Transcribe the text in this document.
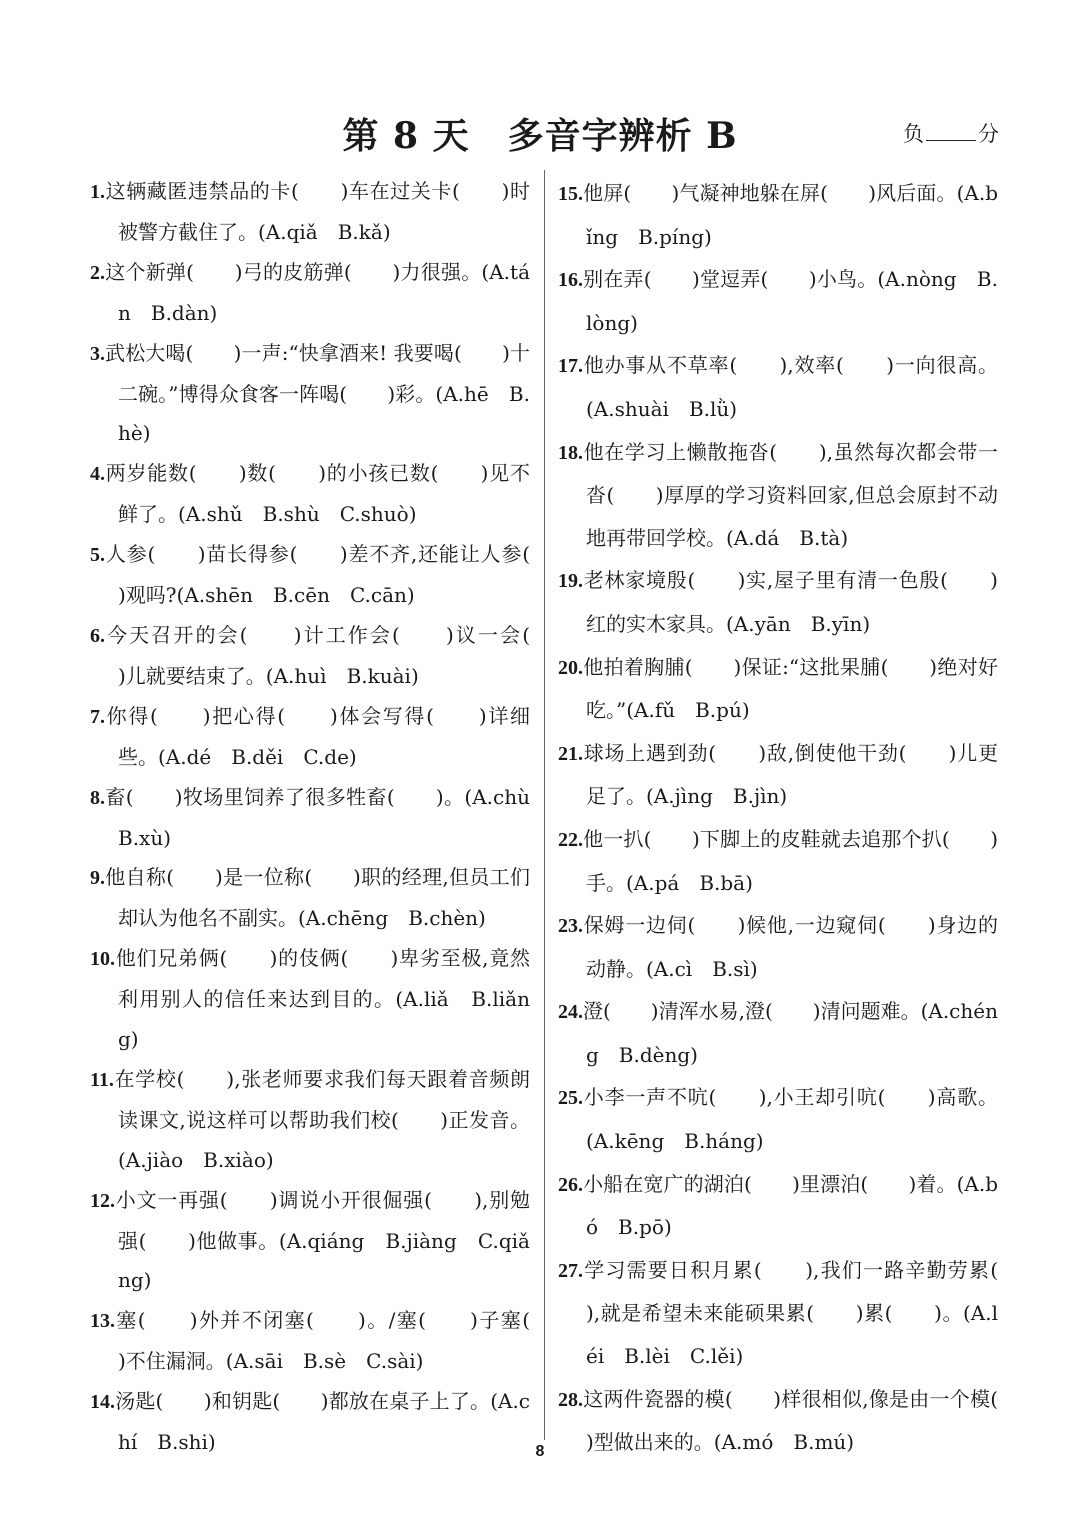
第 8 天 多音字辨析 B	负	分
1.这辆藏匿违禁品的卡(　　)车在过关卡(　　)时被警方截住了。(A.qiǎ　B.kǎ)
2.这个新弹(　　)弓的皮筋弹(　　)力很强。(A.tán　B.dàn)
3.武松大喝(　　)一声:“快拿酒来! 我要喝(　　)十二碗。”博得众食客一阵喝(　　)彩。(A.hē　B.hè)
4.两岁能数(　　)数(　　)的小孩已数(　　)见不鲜了。(A.shǔ　B.shù　C.shuò)
5.人参(　　)苗长得参(　　)差不齐,还能让人参(　　)观吗?(A.shēn　B.cēn　C.cān)
6.今天召开的会(　　)计工作会(　　)议一会(　　)儿就要结束了。(A.huì　B.kuài)
7.你得(　　)把心得(　　)体会写得(　　)详细些。(A.dé　B.děi　C.de)
8.畜(　　)牧场里饲养了很多牲畜(　　)。(A.chù　B.xù)
9.他自称(　　)是一位称(　　)职的经理,但员工们却认为他名不副实。(A.chēng　B.chèn)
10.他们兄弟俩(　　)的伎俩(　　)卑劣至极,竟然利用别人的信任来达到目的。(A.liǎ　B.liǎng)
11.在学校(　　),张老师要求我们每天跟着音频朗读课文,说这样可以帮助我们校(　　)正发音。(A.jiào　B.xiào)
12.小文一再强(　　)调说小开很倔强(　　),别勉强(　　)他做事。(A.qiáng　B.jiàng　C.qiǎng)
13.塞(　　)外并不闭塞(　　)。/塞(　　)子塞(　　)不住漏洞。(A.sāi　B.sè　C.sài)
14.汤匙(　　)和钥匙(　　)都放在桌子上了。(A.chí　B.shi)
15.他屏(　　)气凝神地躲在屏(　　)风后面。(A.bǐng　B.píng)
16.别在弄(　　)堂逗弄(　　)小鸟。(A.nòng　B.lòng)
17.他办事从不草率(　　),效率(　　)一向很高。(A.shuài　B.lǜ)
18.他在学习上懒散拖沓(　　),虽然每次都会带一沓(　　)厚厚的学习资料回家,但总会原封不动地再带回学校。(A.dá　B.tà)
19.老林家境殷(　　)实,屋子里有清一色殷(　　)红的实木家具。(A.yān　B.yīn)
20.他拍着胸脯(　　)保证:“这批果脯(　　)绝对好吃。”(A.fǔ　B.pú)
21.球场上遇到劲(　　)敌,倒使他干劲(　　)儿更足了。(A.jìng　B.jìn)
22.他一扒(　　)下脚上的皮鞋就去追那个扒(　　)手。(A.pá　B.bā)
23.保姆一边伺(　　)候他,一边窥伺(　　)身边的动静。(A.cì　B.sì)
24.澄(　　)清浑水易,澄(　　)清问题难。(A.chéng　B.dèng)
25.小李一声不吭(　　),小王却引吭(　　)高歌。(A.kēng　B.háng)
26.小船在宽广的湖泊(　　)里漂泊(　　)着。(A.bó　B.pō)
27.学习需要日积月累(　　),我们一路辛勤劳累(　　),就是希望未来能硕果累(　　)累(　　)。(A.léi　B.lèi　C.lěi)
28.这两件瓷器的模(　　)样很相似,像是由一个模(　　)型做出来的。(A.mó　B.mú)
8
